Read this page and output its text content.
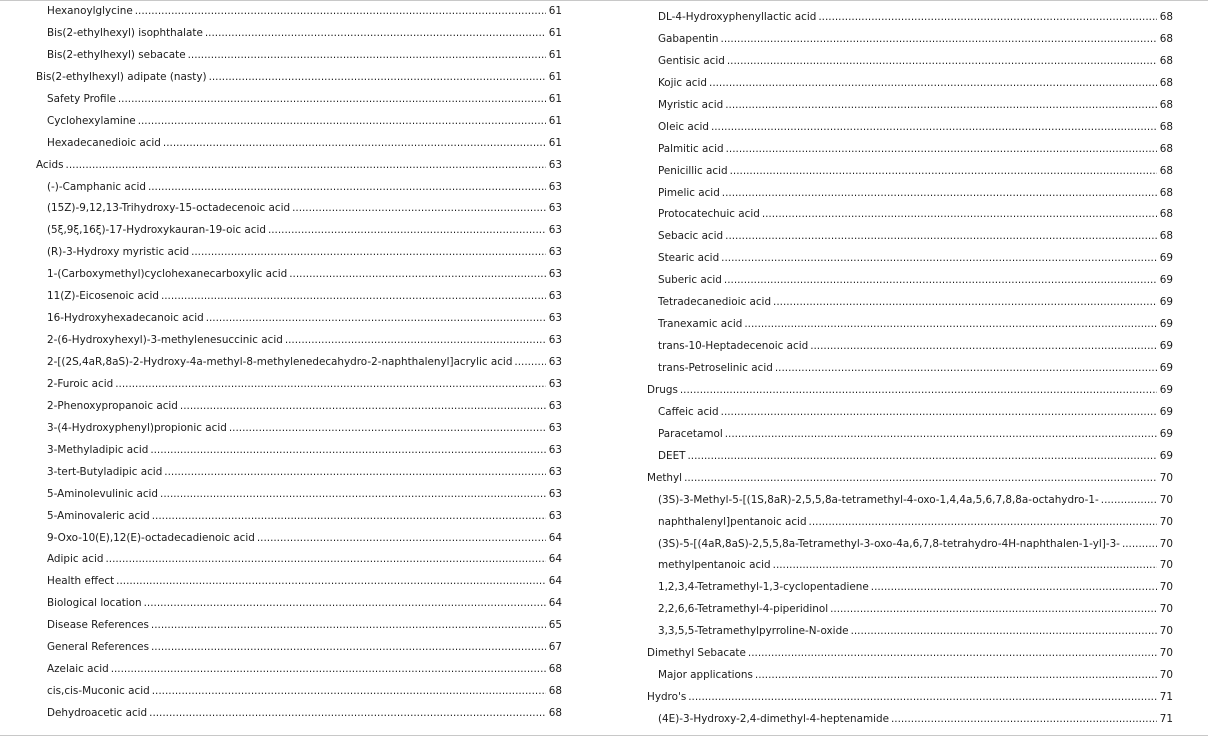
Hexanoylglycine .....	61
Bis(2-ethylhexyl) isophthalate .....	61
Bis(2-ethylhexyl) sebacate .....	61
Bis(2-ethylhexyl) adipate (nasty) .....	61
Safety Profile .....	61
Cyclohexylamine .....	61
Hexadecanedioic acid .....	61
Acids .....	63
(-)-Camphanic acid .....	63
(15Z)-9,12,13-Trihydroxy-15-octadecenoic acid .....	63
(5ξ,9ξ,16ξ)-17-Hydroxykauran-19-oic acid .....	63
(R)-3-Hydroxy myristic acid .....	63
1-(Carboxymethyl)cyclohexanecarboxylic acid .....	63
11(Z)-Eicosenoic acid .....	63
16-Hydroxyhexadecanoic acid .....	63
2-(6-Hydroxyhexyl)-3-methylenesuccinic acid .....	63
2-[(2S,4aR,8aS)-2-Hydroxy-4a-methyl-8-methylenedecahydro-2-naphthalenyl]acrylic acid .....	63
2-Furoic acid .....	63
2-Phenoxypropanoic acid .....	63
3-(4-Hydroxyphenyl)propionic acid .....	63
3-Methyladipic acid .....	63
3-tert-Butyladipic acid .....	63
5-Aminolevulinic acid .....	63
5-Aminovaleric acid .....	63
9-Oxo-10(E),12(E)-octadecadienoic acid .....	64
Adipic acid .....	64
Health effect .....	64
Biological location .....	64
Disease References .....	65
General References .....	67
Azelaic acid .....	68
cis,cis-Muconic acid .....	68
Dehydroacetic acid .....	68
DL-4-Hydroxyphenyllactic acid .....	68
Gabapentin .....	68
Gentisic acid .....	68
Kojic acid .....	68
Myristic acid .....	68
Oleic acid .....	68
Palmitic acid .....	68
Penicillic acid .....	68
Pimelic acid .....	68
Protocatechuic acid .....	68
Sebacic acid .....	68
Stearic acid .....	69
Suberic acid .....	69
Tetradecanedioic acid .....	69
Tranexamic acid .....	69
trans-10-Heptadecenoic acid .....	69
trans-Petroselinic acid .....	69
Drugs .....	69
Caffeic acid .....	69
Paracetamol .....	69
DEET .....	69
Methyl .....	70
(3S)-3-Methyl-5-[(1S,8aR)-2,5,5,8a-tetramethyl-4-oxo-1,4,4a,5,6,7,8,8a-octahydro-1- .....	70
naphthalenyl]pentanoic acid .....	70
(3S)-5-[(4aR,8aS)-2,5,5,8a-Tetramethyl-3-oxo-4a,6,7,8-tetrahydro-4H-naphthalen-1-yl]-3- .....	70
methylpentanoic acid .....	70
1,2,3,4-Tetramethyl-1,3-cyclopentadiene .....	70
2,2,6,6-Tetramethyl-4-piperidinol .....	70
3,3,5,5-Tetramethylpyrroline-N-oxide .....	70
Dimethyl Sebacate .....	70
Major applications .....	70
Hydro's .....	71
(4E)-3-Hydroxy-2,4-dimethyl-4-heptenamide .....	71
